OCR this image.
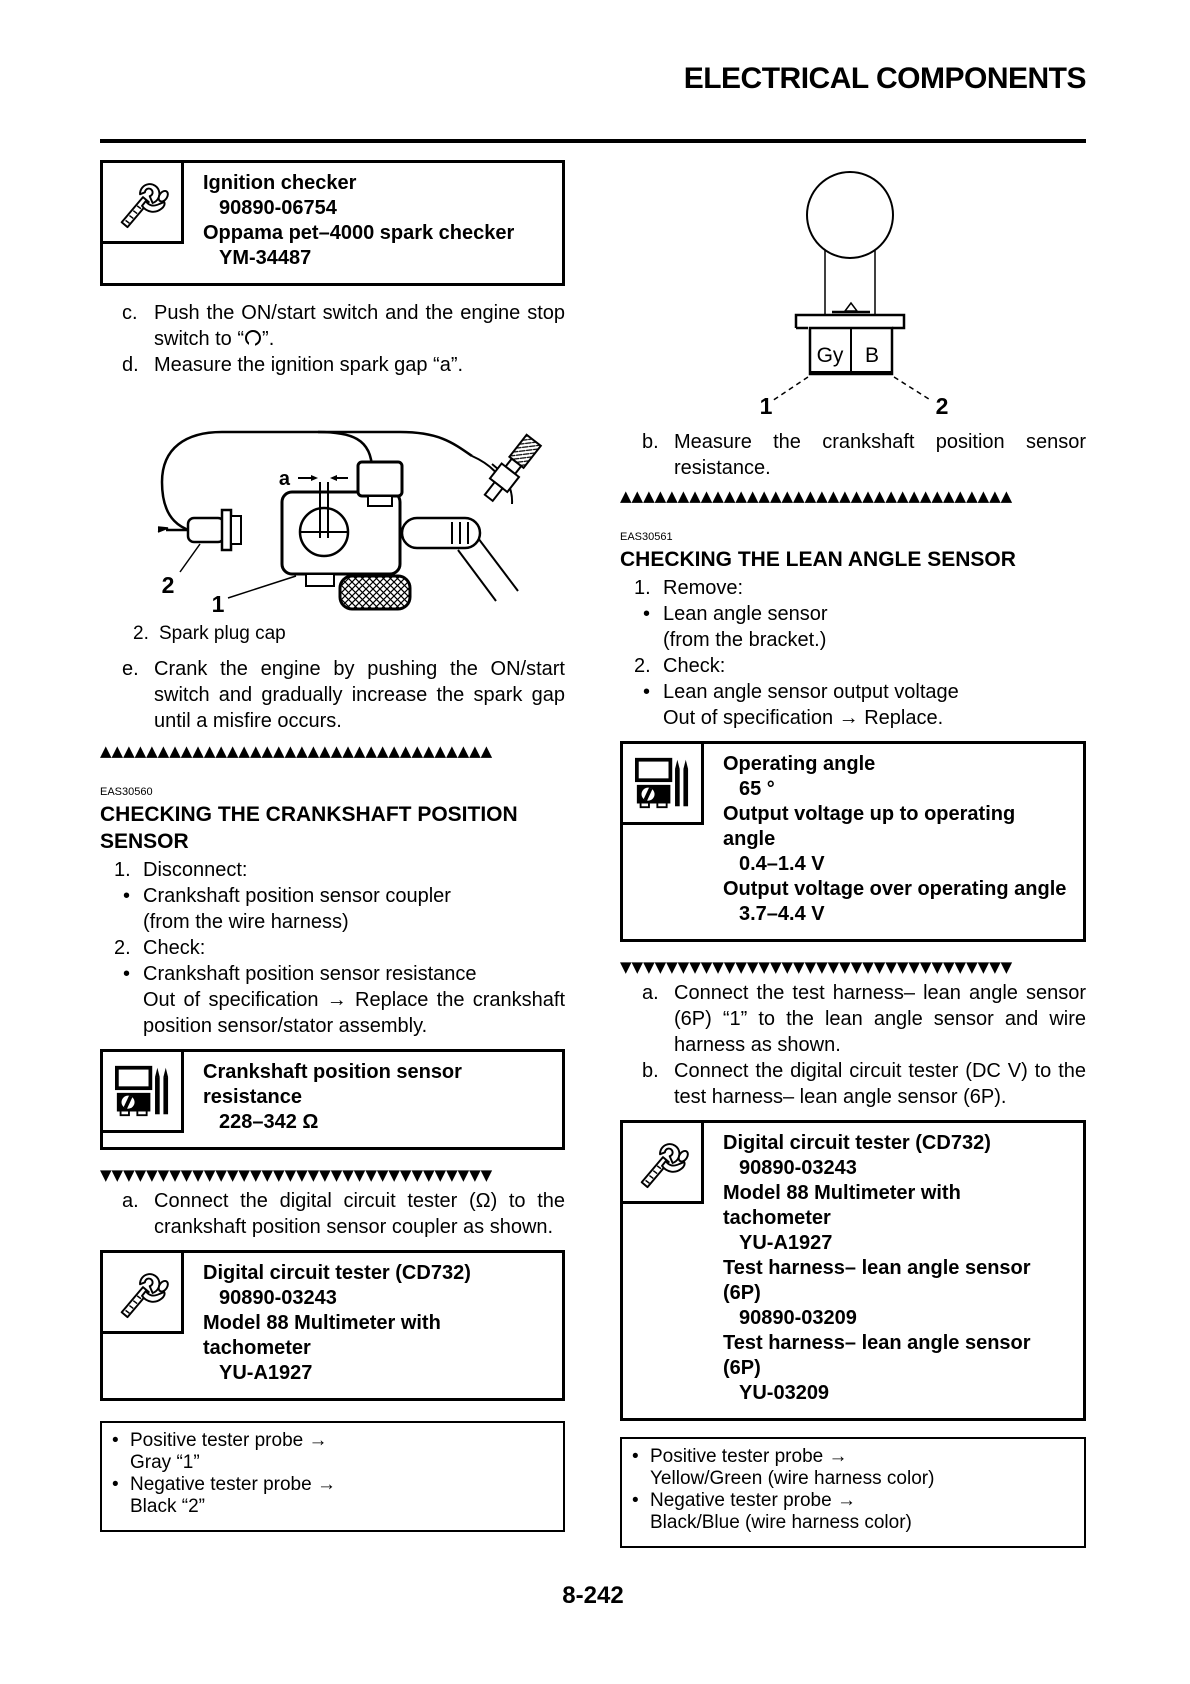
ELECTRICAL COMPONENTS
Ignition checker
90890-06754
Oppama pet–4000 spark checker
YM-34487
c. Push the ON/start switch and the engine stop switch to “ ”.
d. Measure the ignition spark gap “a”.
a
2
1
2. Spark plug cap
e. Crank the engine by pushing the ON/start switch and gradually increase the spark gap until a misfire occurs.
▲▲▲▲▲▲▲▲▲▲▲▲▲▲▲▲▲▲▲▲▲▲▲▲▲▲▲▲▲▲▲▲▲▲
EAS30560
CHECKING THE CRANKSHAFT POSITION SENSOR
1. Disconnect:
• Crankshaft position sensor coupler
(from the wire harness)
2. Check:
• Crankshaft position sensor resistance
Out of specification → Replace the crankshaft position sensor/stator assembly.
Crankshaft position sensor resistance
228–342 Ω
▼▼▼▼▼▼▼▼▼▼▼▼▼▼▼▼▼▼▼▼▼▼▼▼▼▼▼▼▼▼▼▼▼▼
a. Connect the digital circuit tester (Ω) to the crankshaft position sensor coupler as shown.
Digital circuit tester (CD732)
90890-03243
Model 88 Multimeter with tachometer
YU-A1927
• Positive tester probe →
Gray “1”
• Negative tester probe →
Black “2”
Gy B
1	2
b. Measure the crankshaft position sensor resistance.
▲▲▲▲▲▲▲▲▲▲▲▲▲▲▲▲▲▲▲▲▲▲▲▲▲▲▲▲▲▲▲▲▲▲
EAS30561
CHECKING THE LEAN ANGLE SENSOR
1. Remove:
• Lean angle sensor
(from the bracket.)
2. Check:
• Lean angle sensor output voltage
Out of specification → Replace.
Operating angle
65 °
Output voltage up to operating angle
0.4–1.4 V
Output voltage over operating angle
3.7–4.4 V
▼▼▼▼▼▼▼▼▼▼▼▼▼▼▼▼▼▼▼▼▼▼▼▼▼▼▼▼▼▼▼▼▼▼
a. Connect the test harness– lean angle sensor (6P) “1” to the lean angle sensor and wire harness as shown.
b. Connect the digital circuit tester (DC V) to the test harness– lean angle sensor (6P).
Digital circuit tester (CD732)
90890-03243
Model 88 Multimeter with tachometer
YU-A1927
Test harness– lean angle sensor (6P)
90890-03209
Test harness– lean angle sensor (6P)
YU-03209
• Positive tester probe →
Yellow/Green (wire harness color)
• Negative tester probe →
Black/Blue (wire harness color)
8-242
